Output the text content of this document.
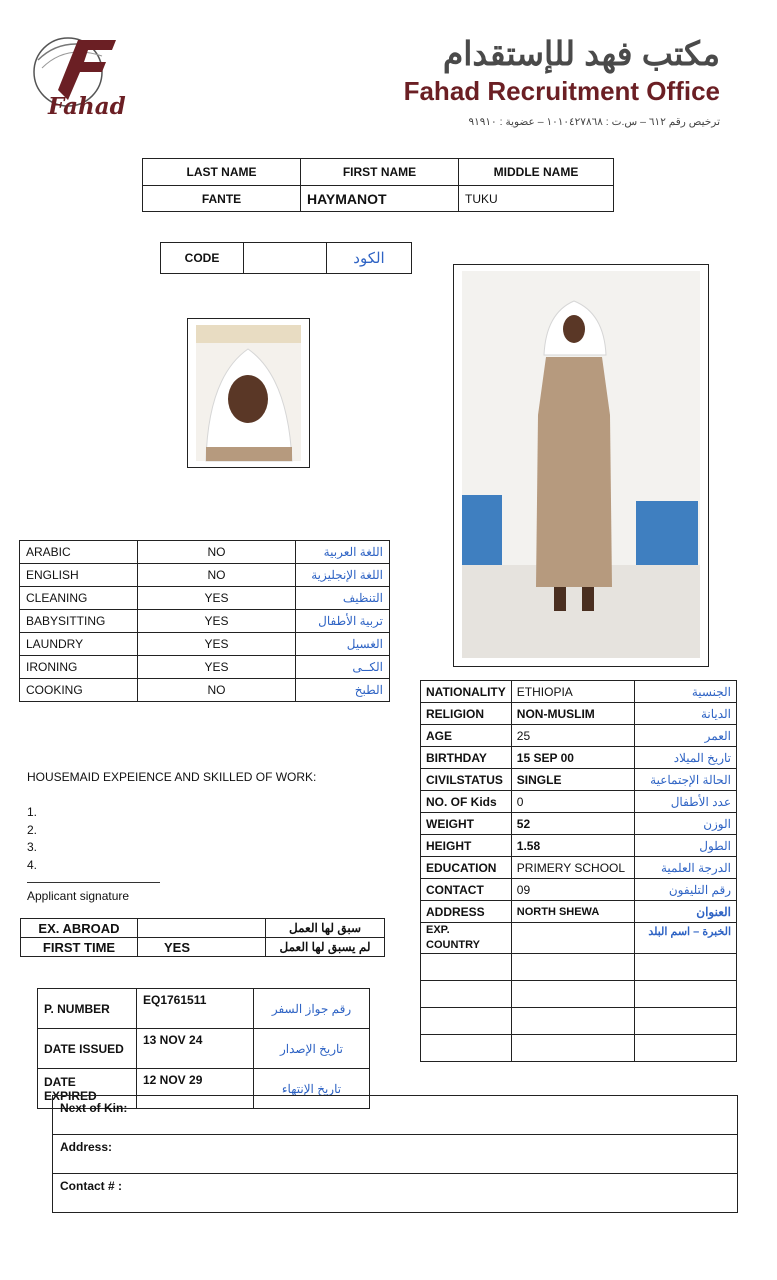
Fahad
مكتب فهد للإستقدام
Fahad Recruitment Office
ترخيص رقم ٦١٢ – س.ت : ١٠١٠٤٢٧٨٦٨ – عضوية : ٩١٩١٠
LAST NAME	FIRST NAME	MIDDLE NAME
FANTE	HAYMANOT	TUKU
CODE		الكود
ARABIC	NO	اللغة العربية
ENGLISH	NO	اللغة الإنجليزية
CLEANING	YES	التنظيف
BABYSITTING	YES	تربية الأطفال
LAUNDRY	YES	الغسيل
IRONING	YES	الكــى
COOKING	NO	الطبخ
HOUSEMAID EXPEIENCE AND SKILLED OF WORK:
1.
2.
3.
4.
Applicant signature
EX. ABROAD		سبق لها العمل
FIRST TIME	YES	لم يسبق لها العمل
P. NUMBER	EQ1761511	رقم جواز السفر
DATE ISSUED	13 NOV 24	تاريخ الإصدار
DATE EXPIRED	12 NOV 29	تاريخ الإنتهاء
NATIONALITY	ETHIOPIA	الجنسية
RELIGION	NON-MUSLIM	الديانة
AGE	25	العمر
BIRTHDAY	15 SEP 00	تاريخ الميلاد
CIVILSTATUS	SINGLE	الحالة الإجتماعية
NO. OF Kids	0	عدد الأطفال
WEIGHT	52	الوزن
HEIGHT	1.58	الطول
EDUCATION	PRIMERY SCHOOL	الدرجة العلمية
CONTACT	09	رقم التليفون
ADDRESS	NORTH SHEWA	العنوان

EXP.
COUNTRY		الخبرة – اسم البلد

Next of Kin:
Address:
Contact # :
